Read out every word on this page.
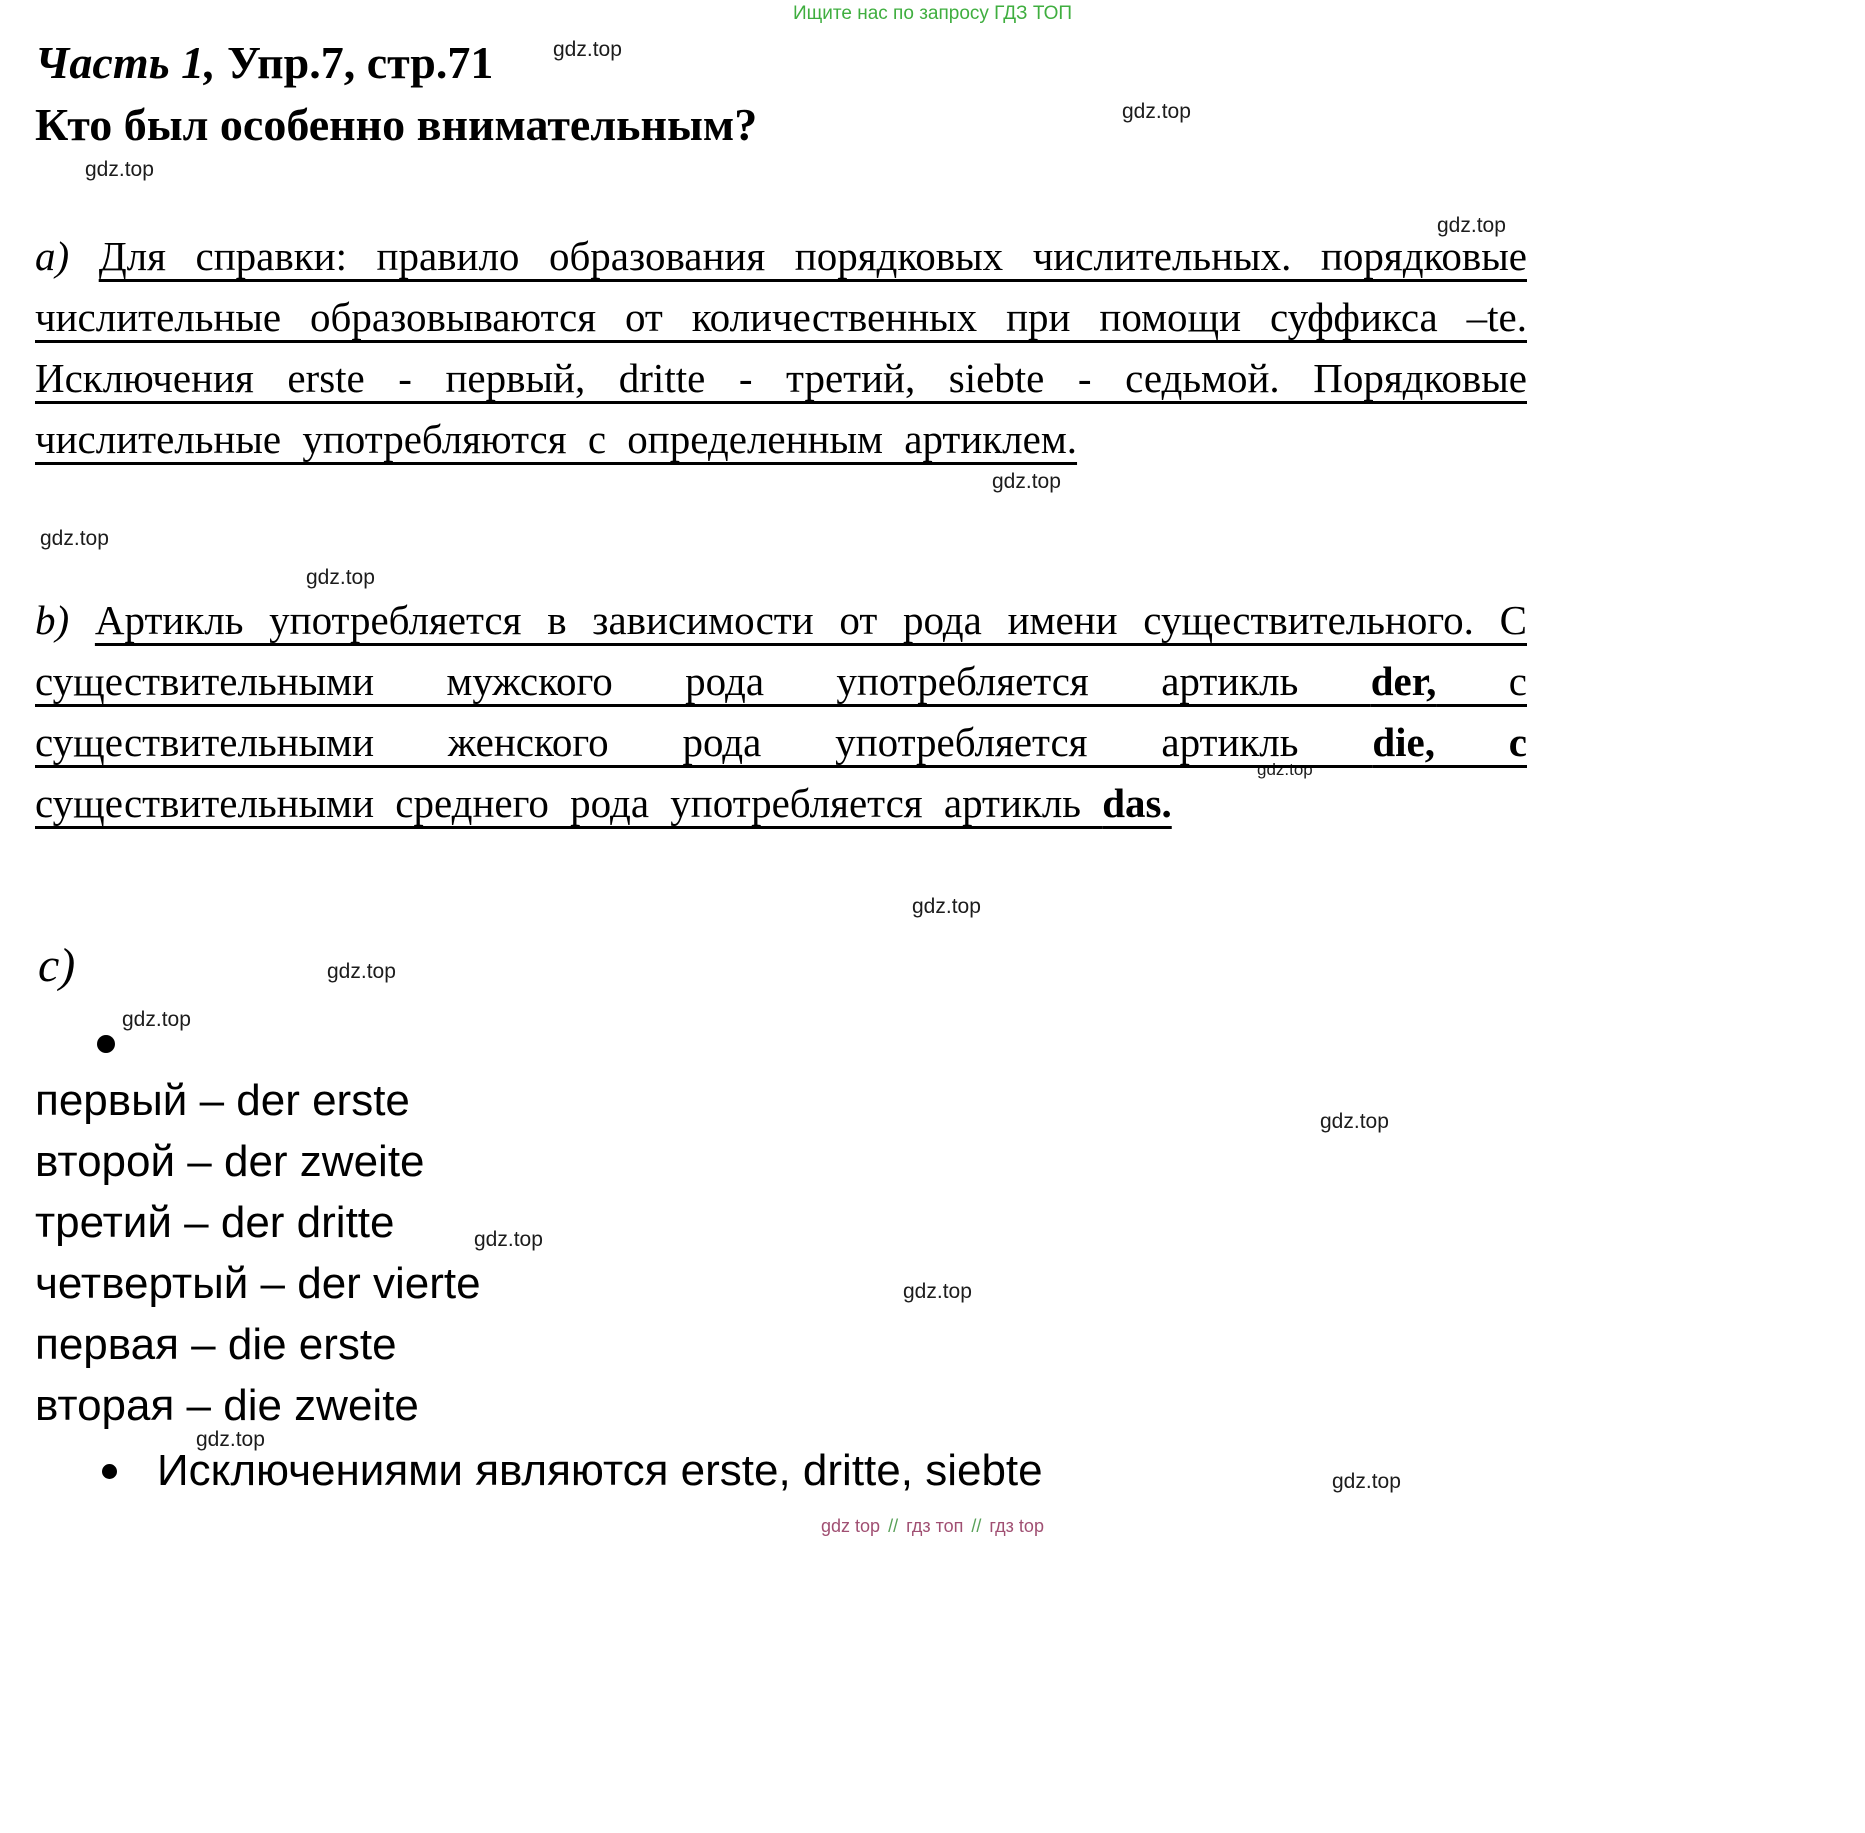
Ищите нас по запросу ГДЗ ТОП
gdz.top
gdz.top
gdz.top
gdz.top
gdz.top
gdz.top
gdz.top
gdz.top
gdz.top
gdz.top
gdz.top
gdz.top
gdz.top
gdz.top
gdz.top
gdz.top
Часть 1, Упр.7, стр.71
Кто был особенно внимательным?

a) Для справки: правило образования порядковых числительных. порядковые числительные образовываются от количественных при помощи суффикса –te. Исключения erste - первый, dritte - третий, siebte - седьмой. Порядковые числительные употребляются с определенным артиклем.

b) Артикль употребляется в зависимости от рода имени существительного. С существительными мужского рода употребляется артикль der, с существительными женского рода употребляется артикль die, с существительными среднего рода употребляется артикль das.

c)
первый – der erste
второй – der zweite
третий – der dritte
четвертый – der vierte
первая – die erste
вторая – die zweite
Исключениями являются erste, dritte, siebte
gdz top // гдз топ // гдз top
